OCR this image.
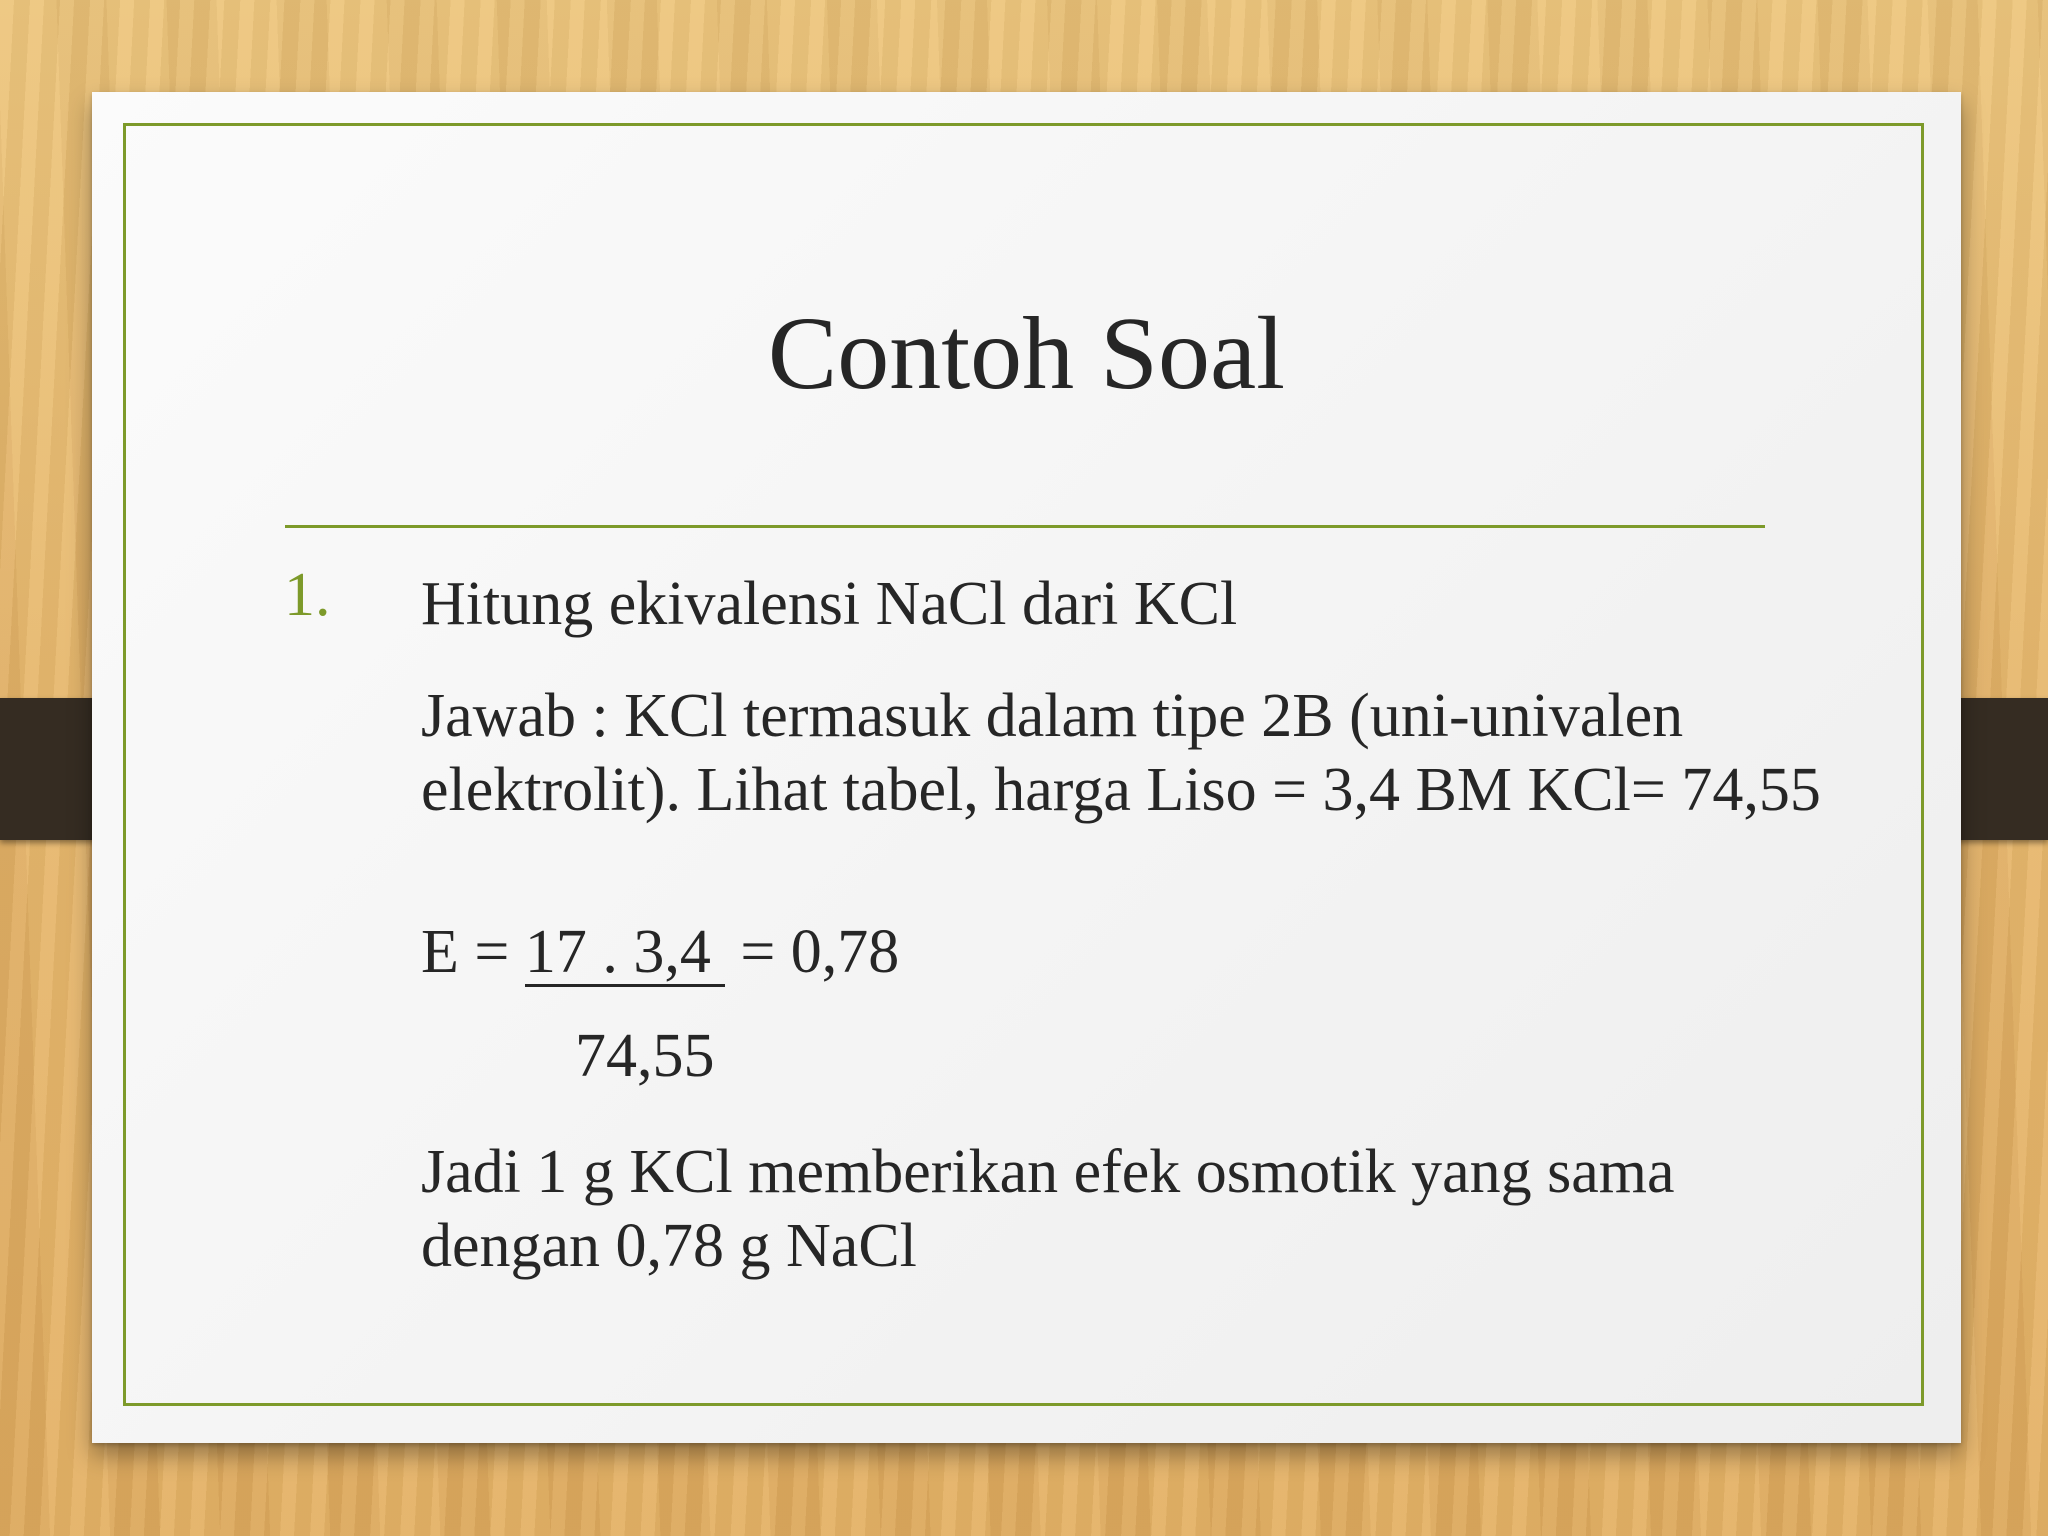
Contoh Soal
1. Hitung ekivalensi NaCl dari KCl
Jawab : KCl termasuk dalam tipe 2B (uni-univalen elektrolit). Lihat tabel, harga Liso = 3,4 BM KCl= 74,55
E = 17 . 3,4 = 0,78
74,55
Jadi 1 g KCl memberikan efek osmotik yang sama dengan 0,78 g NaCl
